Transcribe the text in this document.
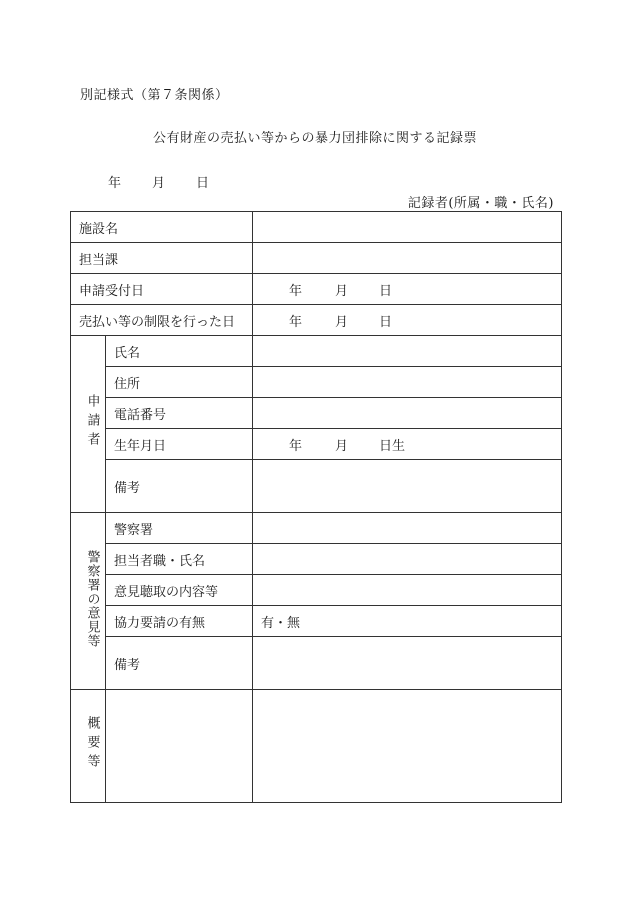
別記様式（第７条関係）
公有財産の売払い等からの暴力団排除に関する記録票
年 月 日
記録者(所属・職・氏名)
施設名		
担当課		
申請受付日		年 月 日
売払い等の制限を行った日		年 月 日
申請者	氏名	
	住所	
	電話番号	
	生年月日	年 月 日生
	備考	
警察署の意見等	警察署	
	担当者職・氏名	
	意見聴取の内容等	
	協力要請の有無	有・無
	備考	
概要等		
